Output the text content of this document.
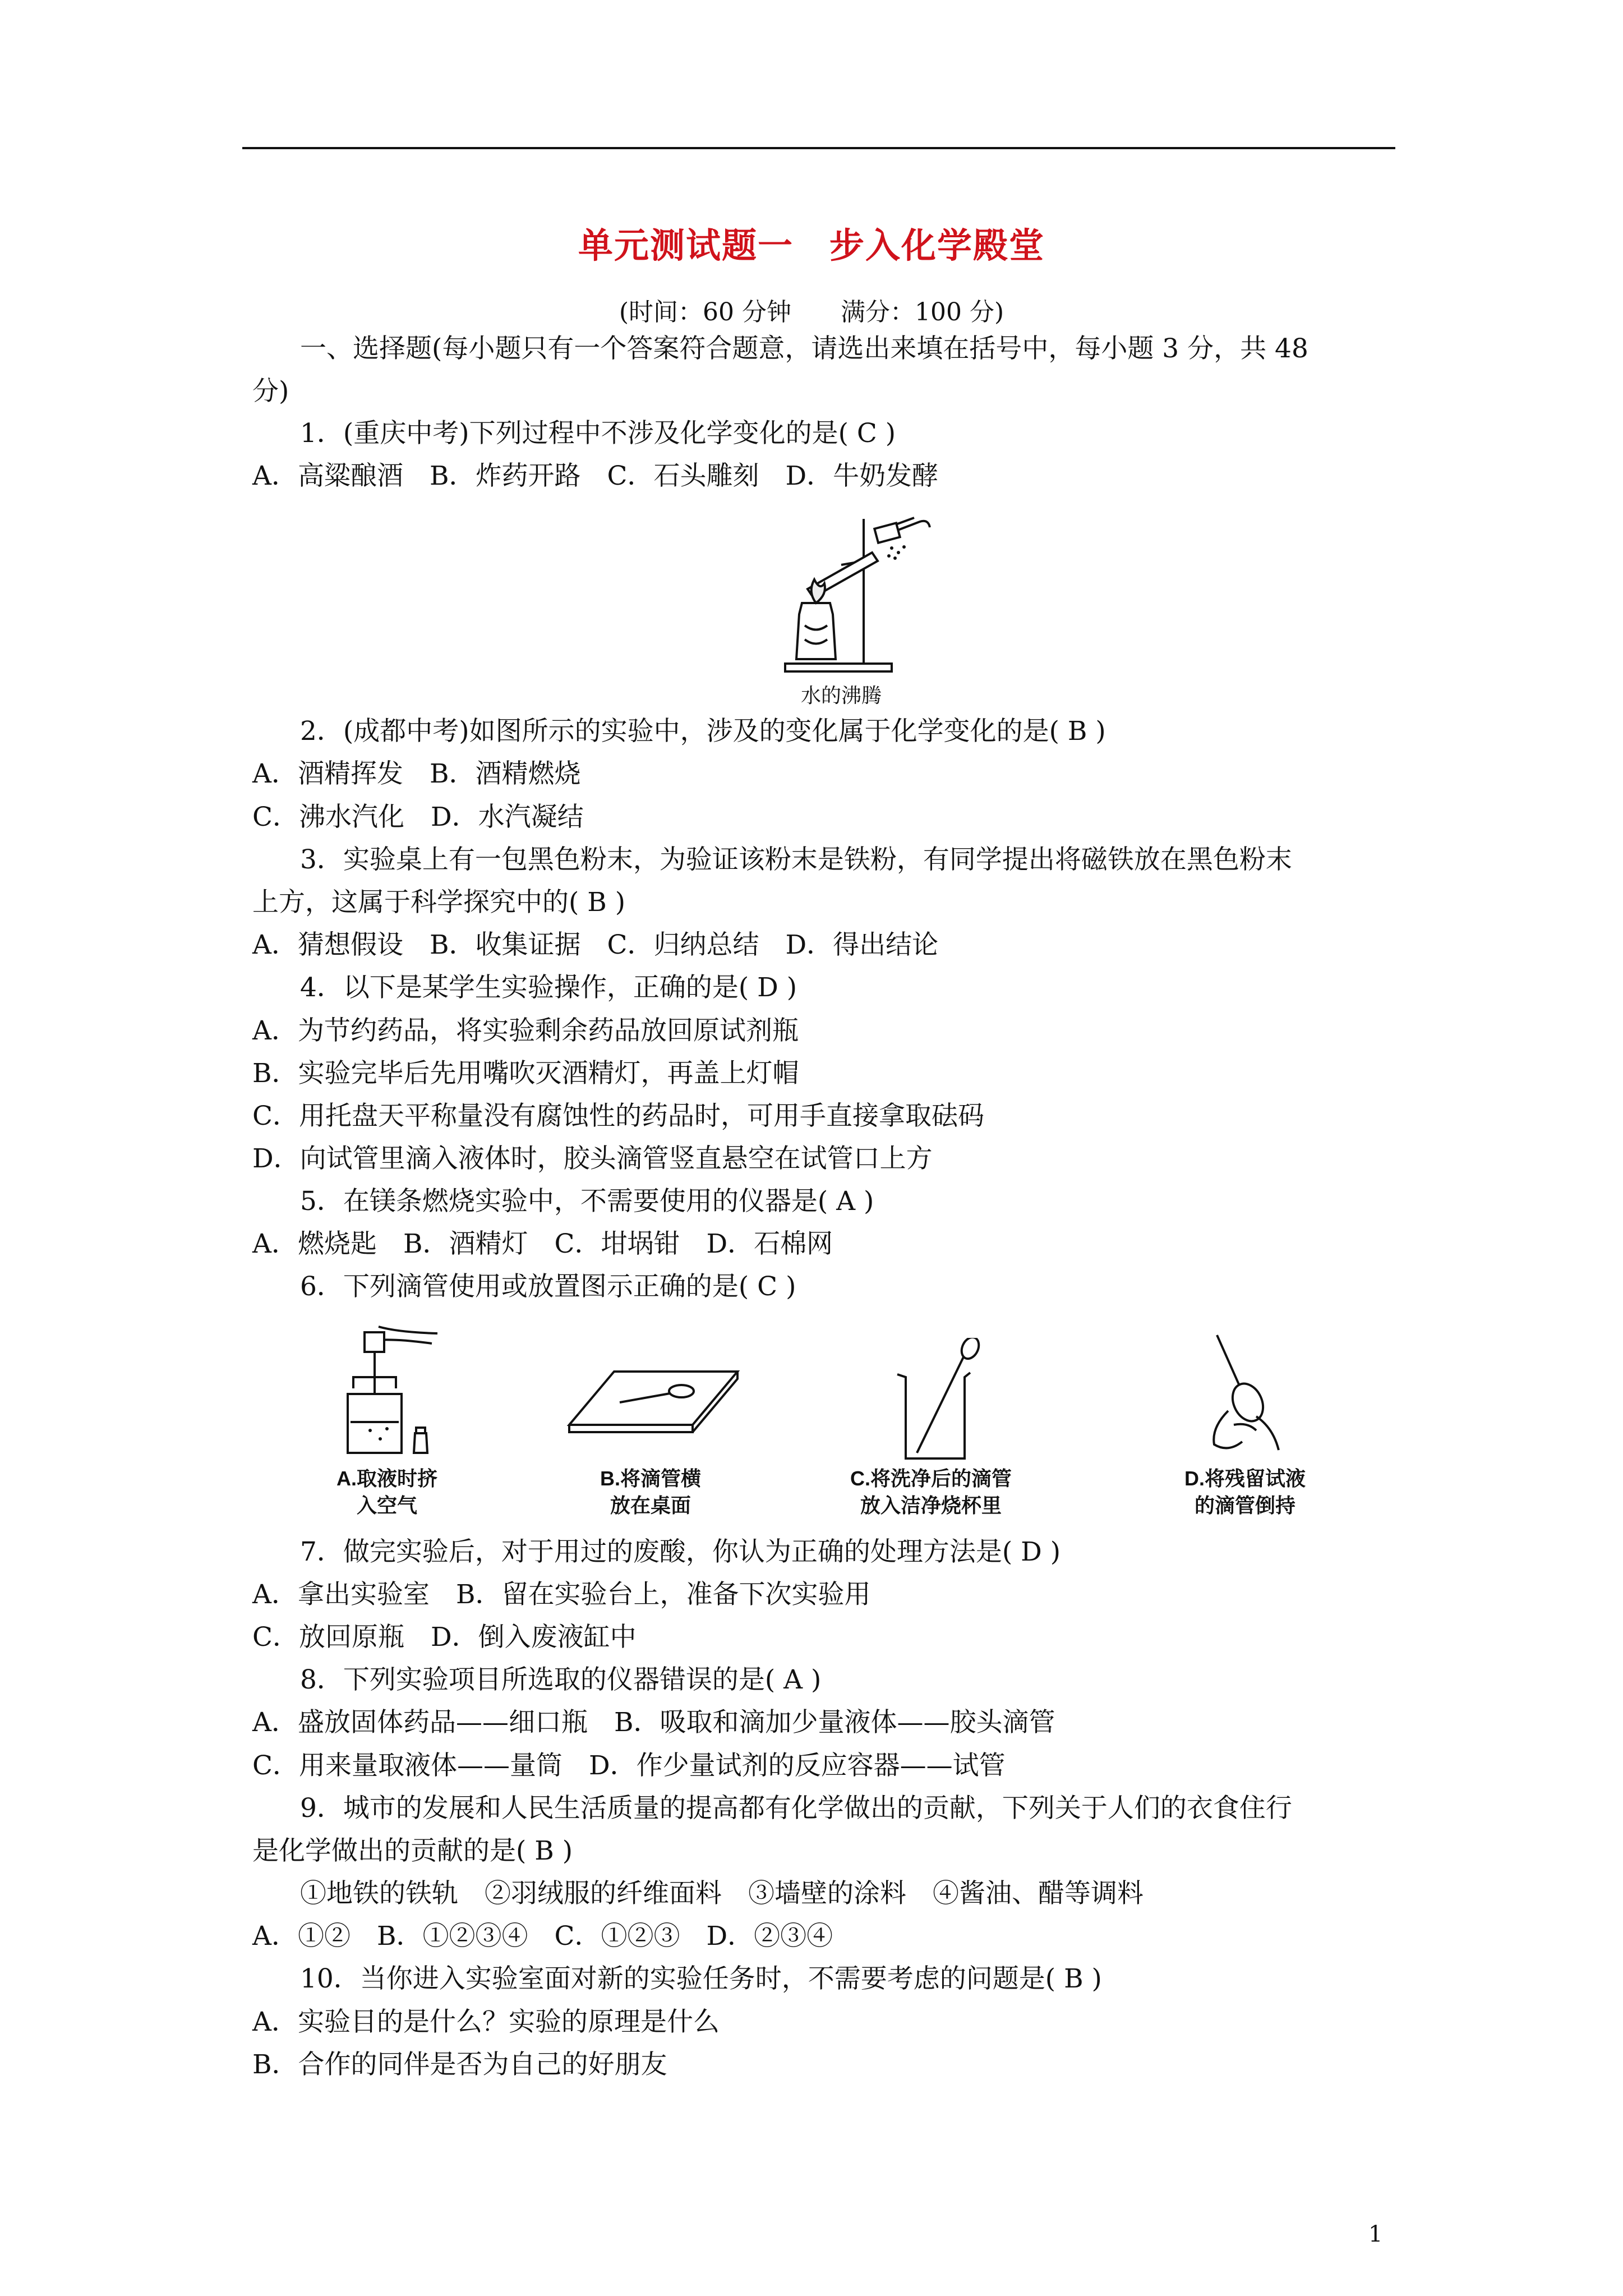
单元测试题一　步入化学殿堂
(时间：60 分钟　　满分：100 分)
一、选择题(每小题只有一个答案符合题意，请选出来填在括号中，每小题 3 分，共 48
分)
1．(重庆中考)下列过程中不涉及化学变化的是( C )
A．高粱酿酒　B．炸药开路　C．石头雕刻　D．牛奶发酵
水的沸腾
2．(成都中考)如图所示的实验中，涉及的变化属于化学变化的是( B )
A．酒精挥发　B．酒精燃烧
C．沸水汽化　D．水汽凝结
3．实验桌上有一包黑色粉末，为验证该粉末是铁粉，有同学提出将磁铁放在黑色粉末
上方，这属于科学探究中的( B )
A．猜想假设　B．收集证据　C．归纳总结　D．得出结论
4．以下是某学生实验操作，正确的是( D )
A．为节约药品，将实验剩余药品放回原试剂瓶
B．实验完毕后先用嘴吹灭酒精灯，再盖上灯帽
C．用托盘天平称量没有腐蚀性的药品时，可用手直接拿取砝码
D．向试管里滴入液体时，胶头滴管竖直悬空在试管口上方
5．在镁条燃烧实验中，不需要使用的仪器是( A )
A．燃烧匙　B．酒精灯　C．坩埚钳　D．石棉网
6．下列滴管使用或放置图示正确的是( C )
A.取液时挤
入空气
B.将滴管横
放在桌面
C.将洗净后的滴管
放入洁净烧杯里
D.将残留试液
的滴管倒持
7．做完实验后，对于用过的废酸，你认为正确的处理方法是( D )
A．拿出实验室　B．留在实验台上，准备下次实验用
C．放回原瓶　D．倒入废液缸中
8．下列实验项目所选取的仪器错误的是( A )
A．盛放固体药品——细口瓶　B．吸取和滴加少量液体——胶头滴管
C．用来量取液体——量筒　D．作少量试剂的反应容器——试管
9．城市的发展和人民生活质量的提高都有化学做出的贡献，下列关于人们的衣食住行
是化学做出的贡献的是( B )
①地铁的铁轨　②羽绒服的纤维面料　③墙壁的涂料　④酱油、醋等调料
A．①②　B．①②③④　C．①②③　D．②③④
10．当你进入实验室面对新的实验任务时，不需要考虑的问题是( B )
A．实验目的是什么？实验的原理是什么
B．合作的同伴是否为自己的好朋友
1
